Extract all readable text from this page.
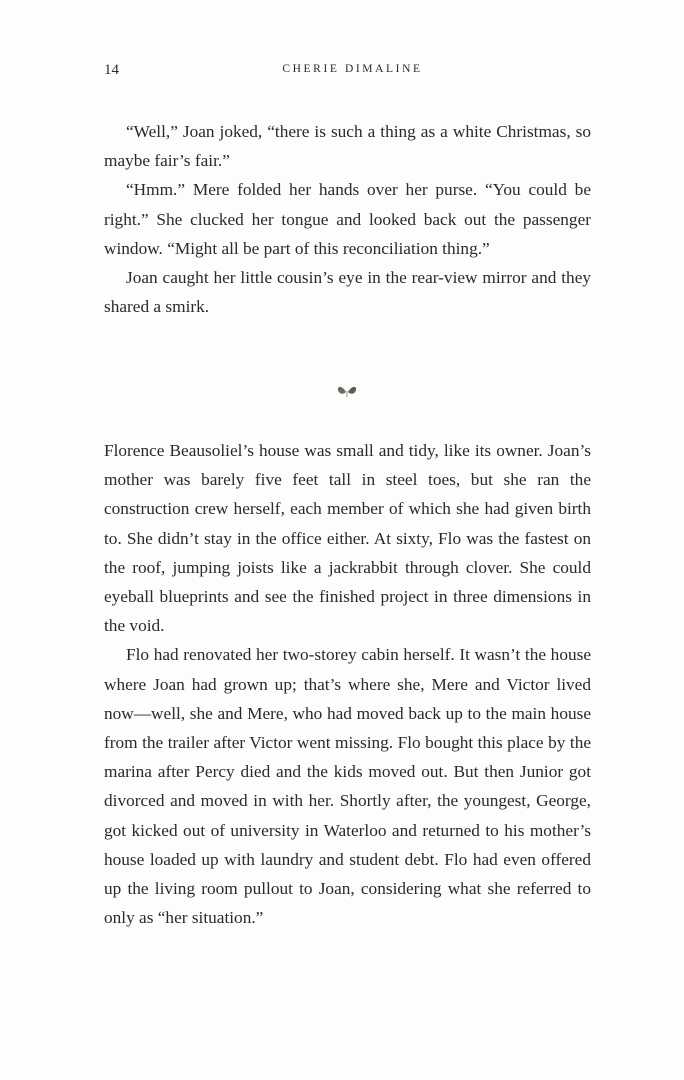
14	CHERIE DIMALINE

“Well,” Joan joked, “there is such a thing as a white Christmas, so maybe fair’s fair.”

“Hmm.” Mere folded her hands over her purse. “You could be right.” She clucked her tongue and looked back out the passenger window. “Might all be part of this reconciliation thing.”

Joan caught her little cousin’s eye in the rear-view mirror and they shared a smirk.

Florence Beausoliel’s house was small and tidy, like its owner. Joan’s mother was barely five feet tall in steel toes, but she ran the construction crew herself, each member of which she had given birth to. She didn’t stay in the office either. At sixty, Flo was the fastest on the roof, jumping joists like a jackrabbit through clover. She could eyeball blueprints and see the finished project in three dimensions in the void.

Flo had renovated her two-storey cabin herself. It wasn’t the house where Joan had grown up; that’s where she, Mere and Victor lived now—well, she and Mere, who had moved back up to the main house from the trailer after Victor went missing. Flo bought this place by the marina after Percy died and the kids moved out. But then Junior got divorced and moved in with her. Shortly after, the youngest, George, got kicked out of university in Waterloo and returned to his mother’s house loaded up with laundry and student debt. Flo had even offered up the living room pullout to Joan, considering what she referred to only as “her situation.”
